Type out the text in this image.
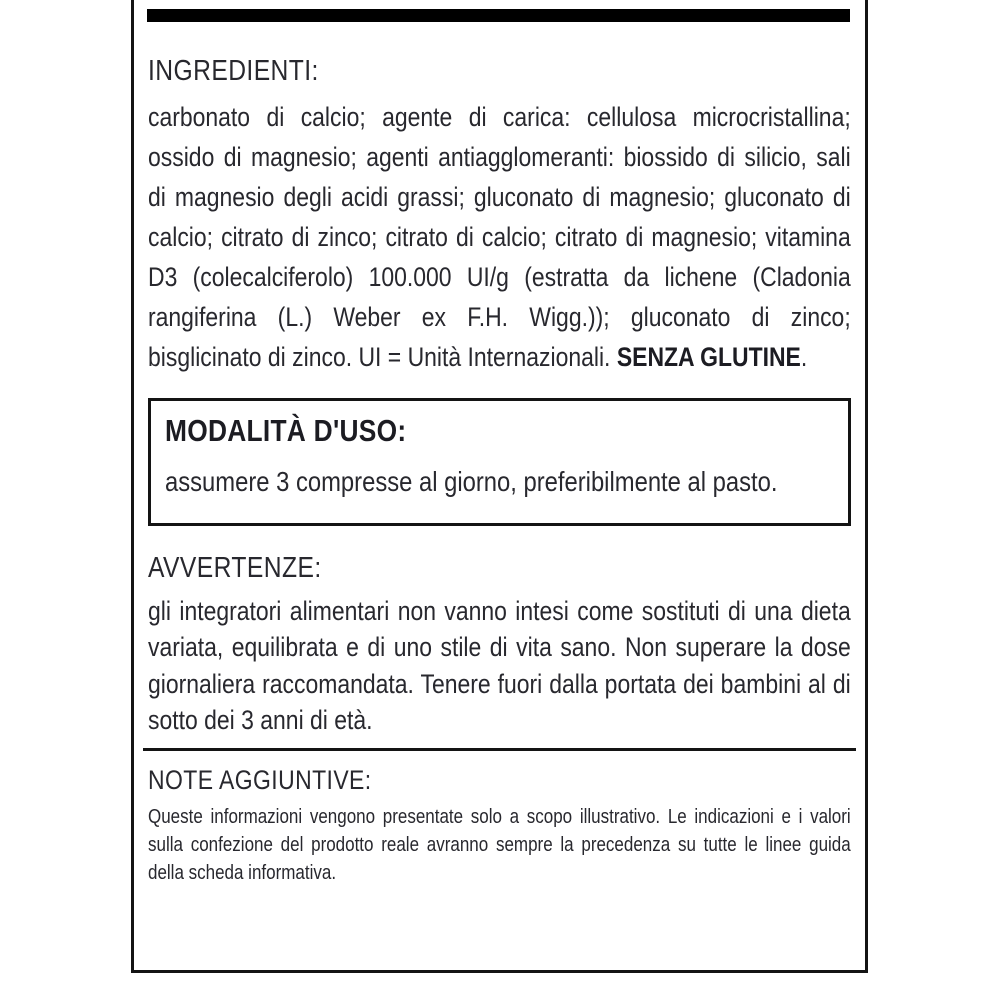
INGREDIENTI:

carbonato di calcio; agente di carica: cellulosa microcristallina; ossido di magnesio; agenti antiagglomeranti: biossido di silicio, sali di magnesio degli acidi grassi; gluconato di magnesio; gluconato di calcio; citrato di zinco; citrato di calcio; citrato di magnesio; vitamina D3 (colecalciferolo) 100.000 UI/g (estratta da lichene (Cladonia rangiferina (L.) Weber ex F.H. Wigg.)); gluconato di zinco; bisglicinato di zinco. UI = Unità Internazionali. SENZA GLUTINE.

MODALITÀ D'USO:

assumere 3 compresse al giorno, preferibilmente al pasto.

AVVERTENZE:

gli integratori alimentari non vanno intesi come sostituti di una dieta variata, equilibrata e di uno stile di vita sano. Non superare la dose giornaliera raccomandata. Tenere fuori dalla portata dei bambini al di sotto dei 3 anni di età.

NOTE AGGIUNTIVE:

Queste informazioni vengono presentate solo a scopo illustrativo. Le indicazioni e i valori sulla confezione del prodotto reale avranno sempre la precedenza su tutte le linee guida della scheda informativa.
